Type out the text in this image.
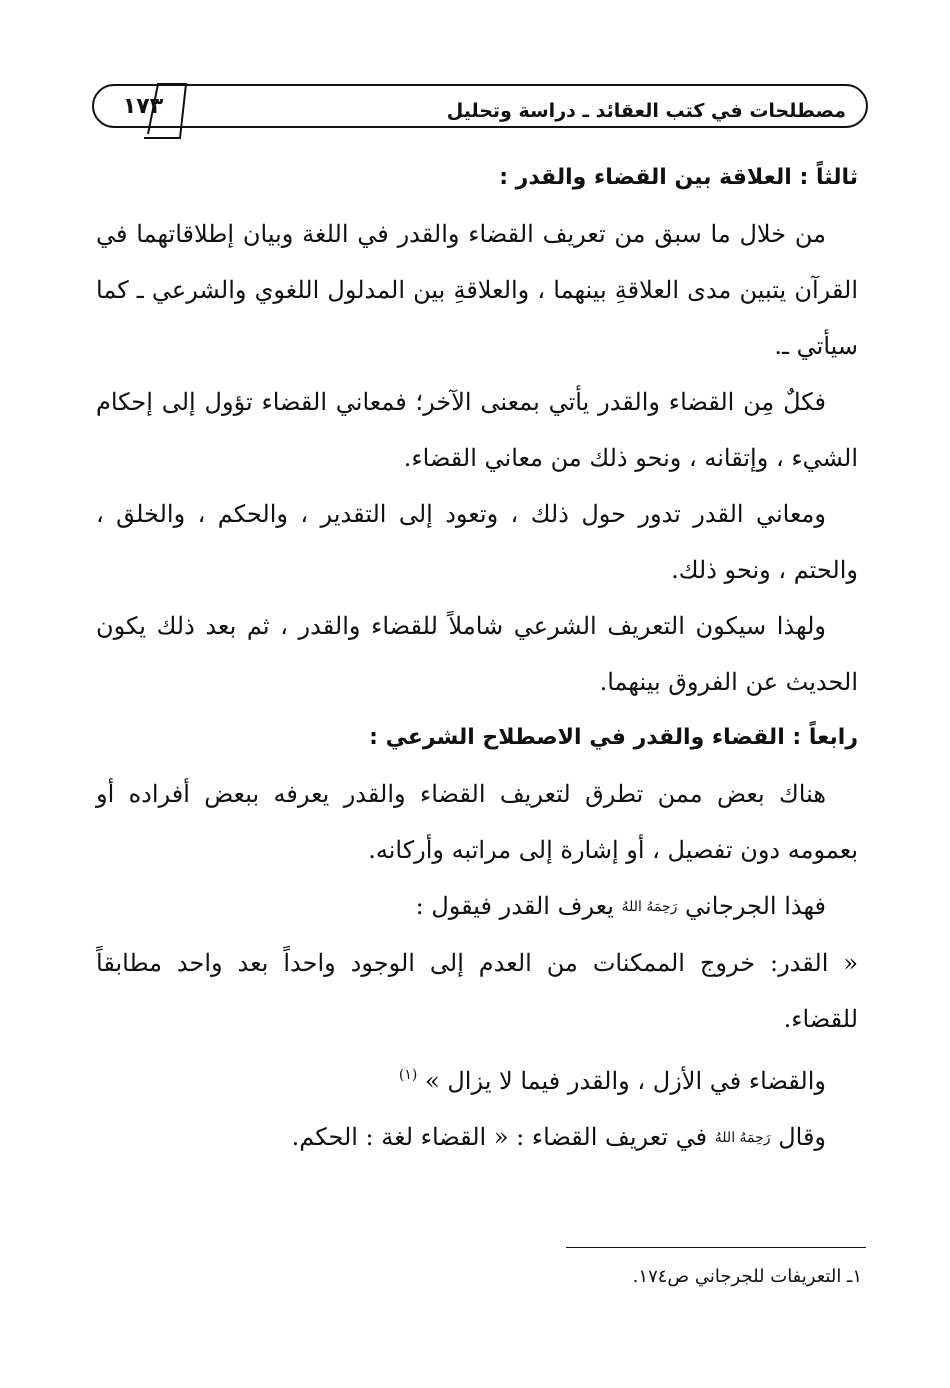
١٧٣	مصطلحات في كتب العقائد ـ دراسة وتحليل

ثالثاً : العلاقة بين القضاء والقدر :

من خلال ما سبق من تعريف القضاء والقدر في اللغة وبيان إطلاقاتهما في القرآن يتبين مدى العلاقةِ بينهما ، والعلاقةِ بين المدلول اللغوي والشرعي ـ كما سيأتي ـ.

فكلٌ مِن القضاء والقدر يأتي بمعنى الآخر؛ فمعاني القضاء تؤول إلى إحكام الشيء ، وإتقانه ، ونحو ذلك من معاني القضاء.

ومعاني القدر تدور حول ذلك ، وتعود إلى التقدير ، والحكم ، والخلق ، والحتم ، ونحو ذلك.

ولهذا سيكون التعريف الشرعي شاملاً للقضاء والقدر ، ثم بعد ذلك يكون الحديث عن الفروق بينهما.

رابعاً : القضاء والقدر في الاصطلاح الشرعي :

هناك بعض ممن تطرق لتعريف القضاء والقدر يعرفه ببعض أفراده أو بعمومه دون تفصيل ، أو إشارة إلى مراتبه وأركانه.

فهذا الجرجاني رَحِمَهُ اللهُ يعرف القدر فيقول :

« القدر: خروج الممكنات من العدم إلى الوجود واحداً بعد واحد مطابقاً للقضاء.

والقضاء في الأزل ، والقدر فيما لا يزال » $^{(١)}$

وقال رَحِمَهُ اللهُ في تعريف القضاء : « القضاء لغة : الحكم.

١ـ التعريفات للجرجاني ص١٧٤.
